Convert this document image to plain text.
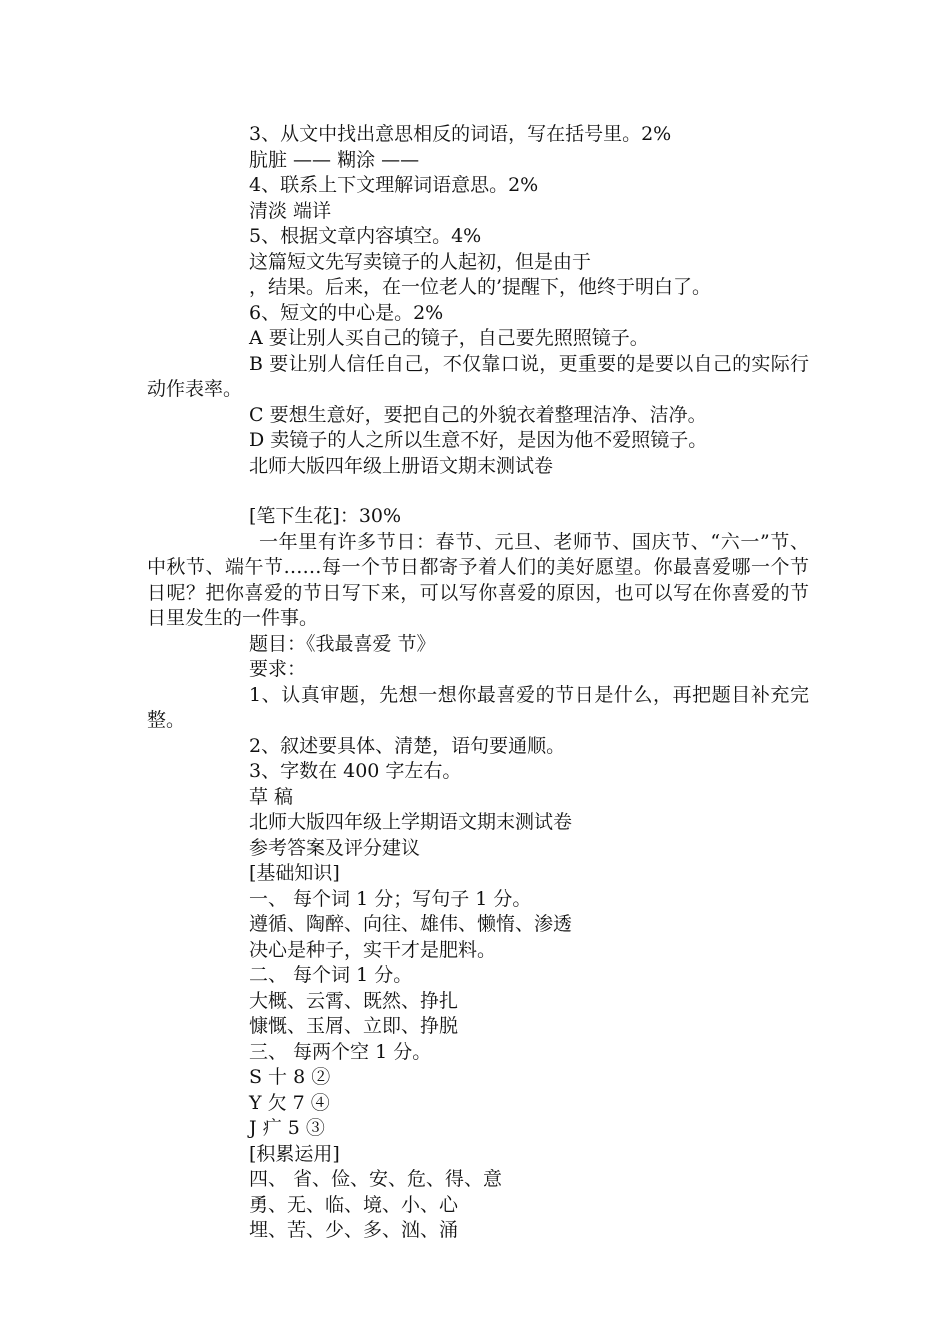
3、从文中找出意思相反的词语，写在括号里。2%
肮脏 —— 糊涂 ——
4、联系上下文理解词语意思。2%
清淡 端详
5、根据文章内容填空。4%
这篇短文先写卖镜子的人起初，但是由于
，结果。后来，在一位老人的’提醒下，他终于明白了。
6、短文的中心是。2%
A 要让别人买自己的镜子，自己要先照照镜子。
B 要让别人信任自己，不仅靠口说，更重要的是要以自己的实际行动作表率。
C 要想生意好，要把自己的外貌衣着整理洁净、洁净。
D 卖镜子的人之所以生意不好，是因为他不爱照镜子。
北师大版四年级上册语文期末测试卷
[笔下生花]：30%
一年里有许多节日：春节、元旦、老师节、国庆节、“六一”节、中秋节、端午节……每一个节日都寄予着人们的美好愿望。你最喜爱哪一个节日呢？把你喜爱的节日写下来，可以写你喜爱的原因，也可以写在你喜爱的节日里发生的一件事。
题目：《我最喜爱 节》
要求：
1、认真审题，先想一想你最喜爱的节日是什么，再把题目补充完整。
2、叙述要具体、清楚，语句要通顺。
3、字数在 400 字左右。
草 稿
北师大版四年级上学期语文期末测试卷
参考答案及评分建议
[基础知识]
一、 每个词 1 分；写句子 1 分。
遵循、陶醉、向往、雄伟、懒惰、渗透
决心是种子，实干才是肥料。
二、 每个词 1 分。
大概、云霄、既然、挣扎
慷慨、玉屑、立即、挣脱
三、 每两个空 1 分。
S 十 8 ②
Y 欠 7 ④
J 疒 5 ③
[积累运用]
四、 省、俭、安、危、得、意
勇、无、临、境、小、心
埋、苦、少、多、汹、涌
